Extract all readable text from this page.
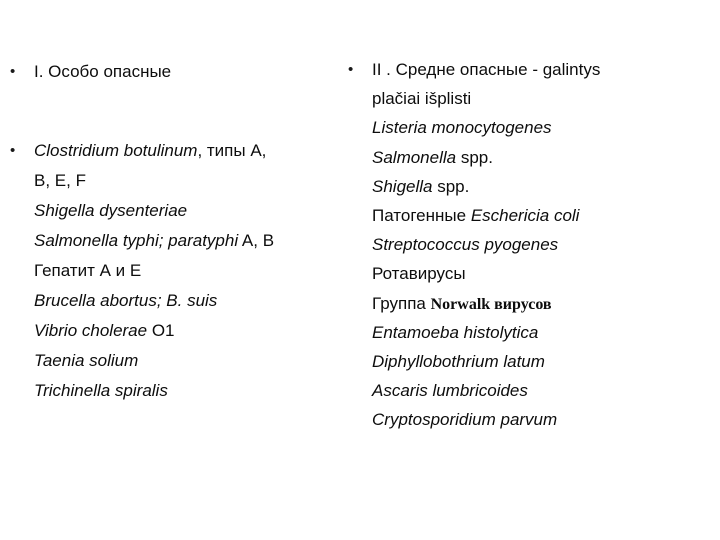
• I. Особо опасные
• Clostridium botulinum, типы А,
B, E, F
Shigella dysenteriae
Salmonella typhi; paratyphi A, B
Гепатит А и Е
Brucella abortus; B. suis
Vibrio cholerae O1
Taenia solium
Trichinella spiralis
• II . Средне опасные - galintys
plačiai išplisti
Listeria monocytogenes
Salmonella spp.
Shigella spp.
Патогенные Eschericia coli
Streptococcus pyogenes
Ротавирусы
Группа Norwalk вирусов
Entamoeba histolytica
Diphyllobothrium latum
Ascaris lumbricoides
Cryptosporidium parvum
